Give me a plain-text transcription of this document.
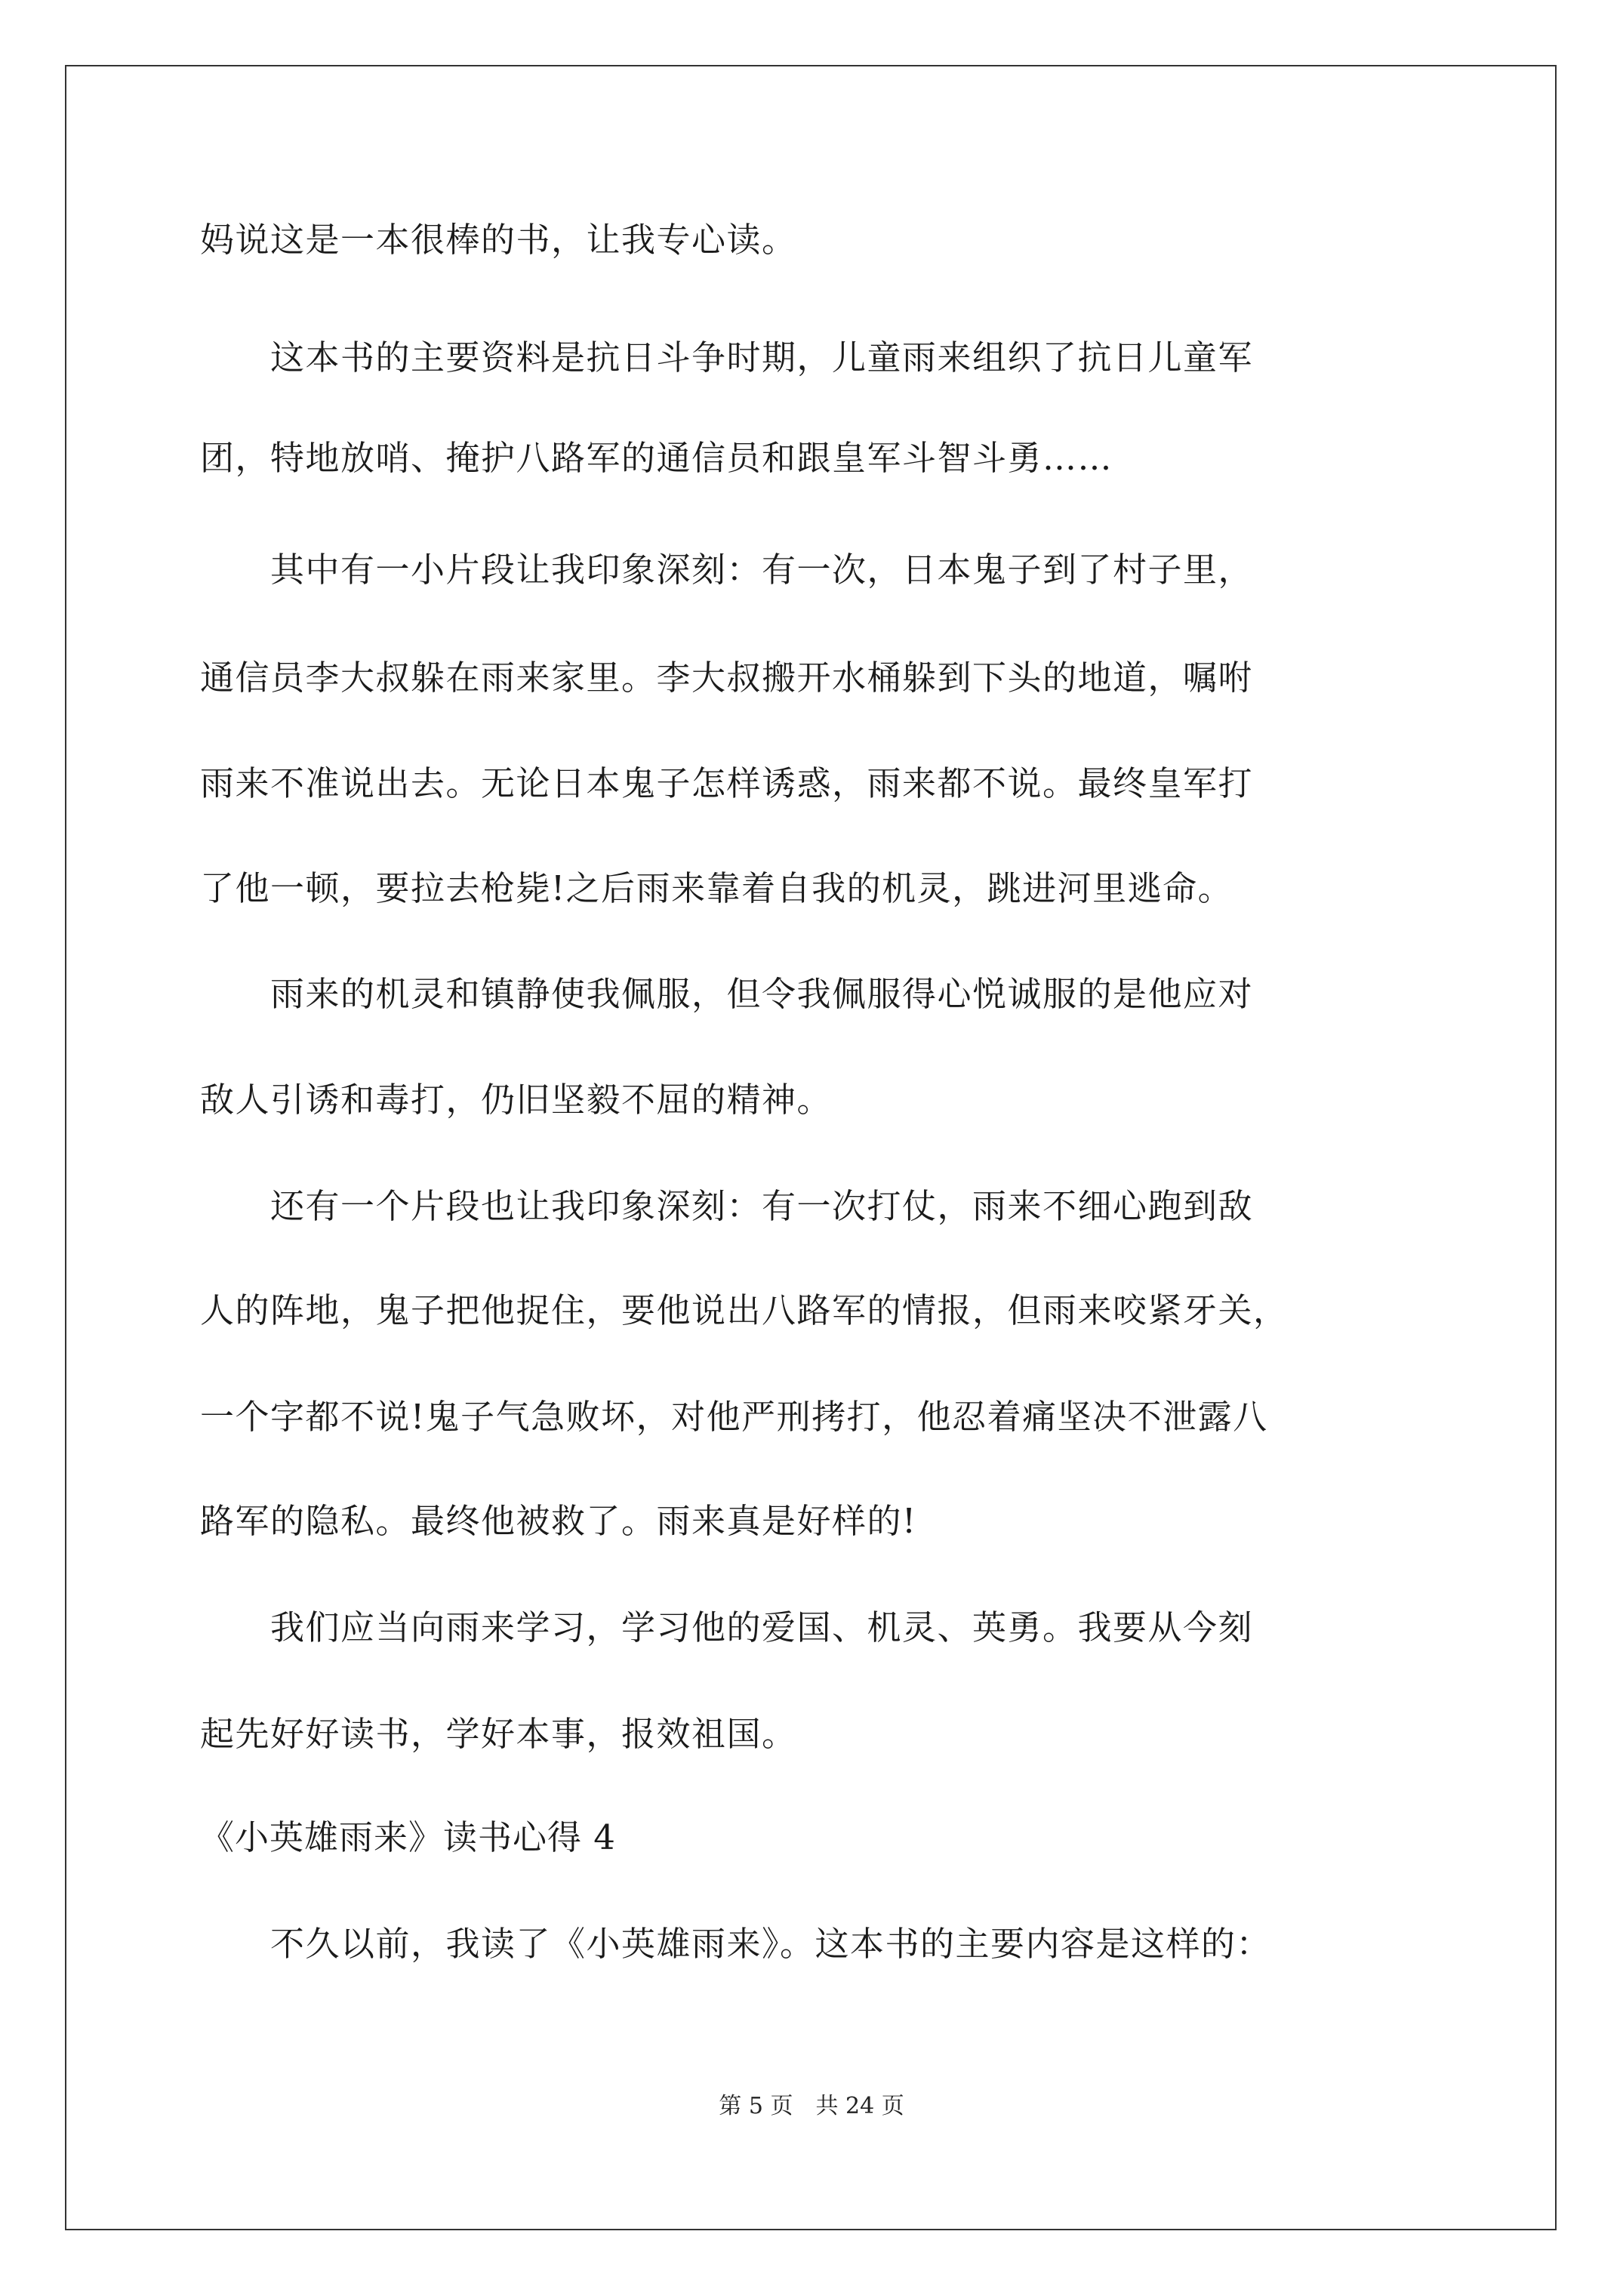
妈说这是一本很棒的书，让我专心读。

　　这本书的主要资料是抗日斗争时期，儿童雨来组织了抗日儿童军

团，特地放哨、掩护八路军的通信员和跟皇军斗智斗勇……

　　其中有一小片段让我印象深刻：有一次，日本鬼子到了村子里，

通信员李大叔躲在雨来家里。李大叔搬开水桶躲到下头的地道，嘱咐

雨来不准说出去。无论日本鬼子怎样诱惑，雨来都不说。最终皇军打

了他一顿，要拉去枪毙!之后雨来靠着自我的机灵，跳进河里逃命。

　　雨来的机灵和镇静使我佩服，但令我佩服得心悦诚服的是他应对

敌人引诱和毒打，仍旧坚毅不屈的精神。

　　还有一个片段也让我印象深刻：有一次打仗，雨来不细心跑到敌

人的阵地，鬼子把他捉住，要他说出八路军的情报，但雨来咬紧牙关，

一个字都不说!鬼子气急败坏，对他严刑拷打，他忍着痛坚决不泄露八

路军的隐私。最终他被救了。雨来真是好样的!

　　我们应当向雨来学习，学习他的爱国、机灵、英勇。我要从今刻

起先好好读书，学好本事，报效祖国。

《小英雄雨来》读书心得 4

　　不久以前，我读了《小英雄雨来》。这本书的主要内容是这样的：

第 5 页 共 24 页
